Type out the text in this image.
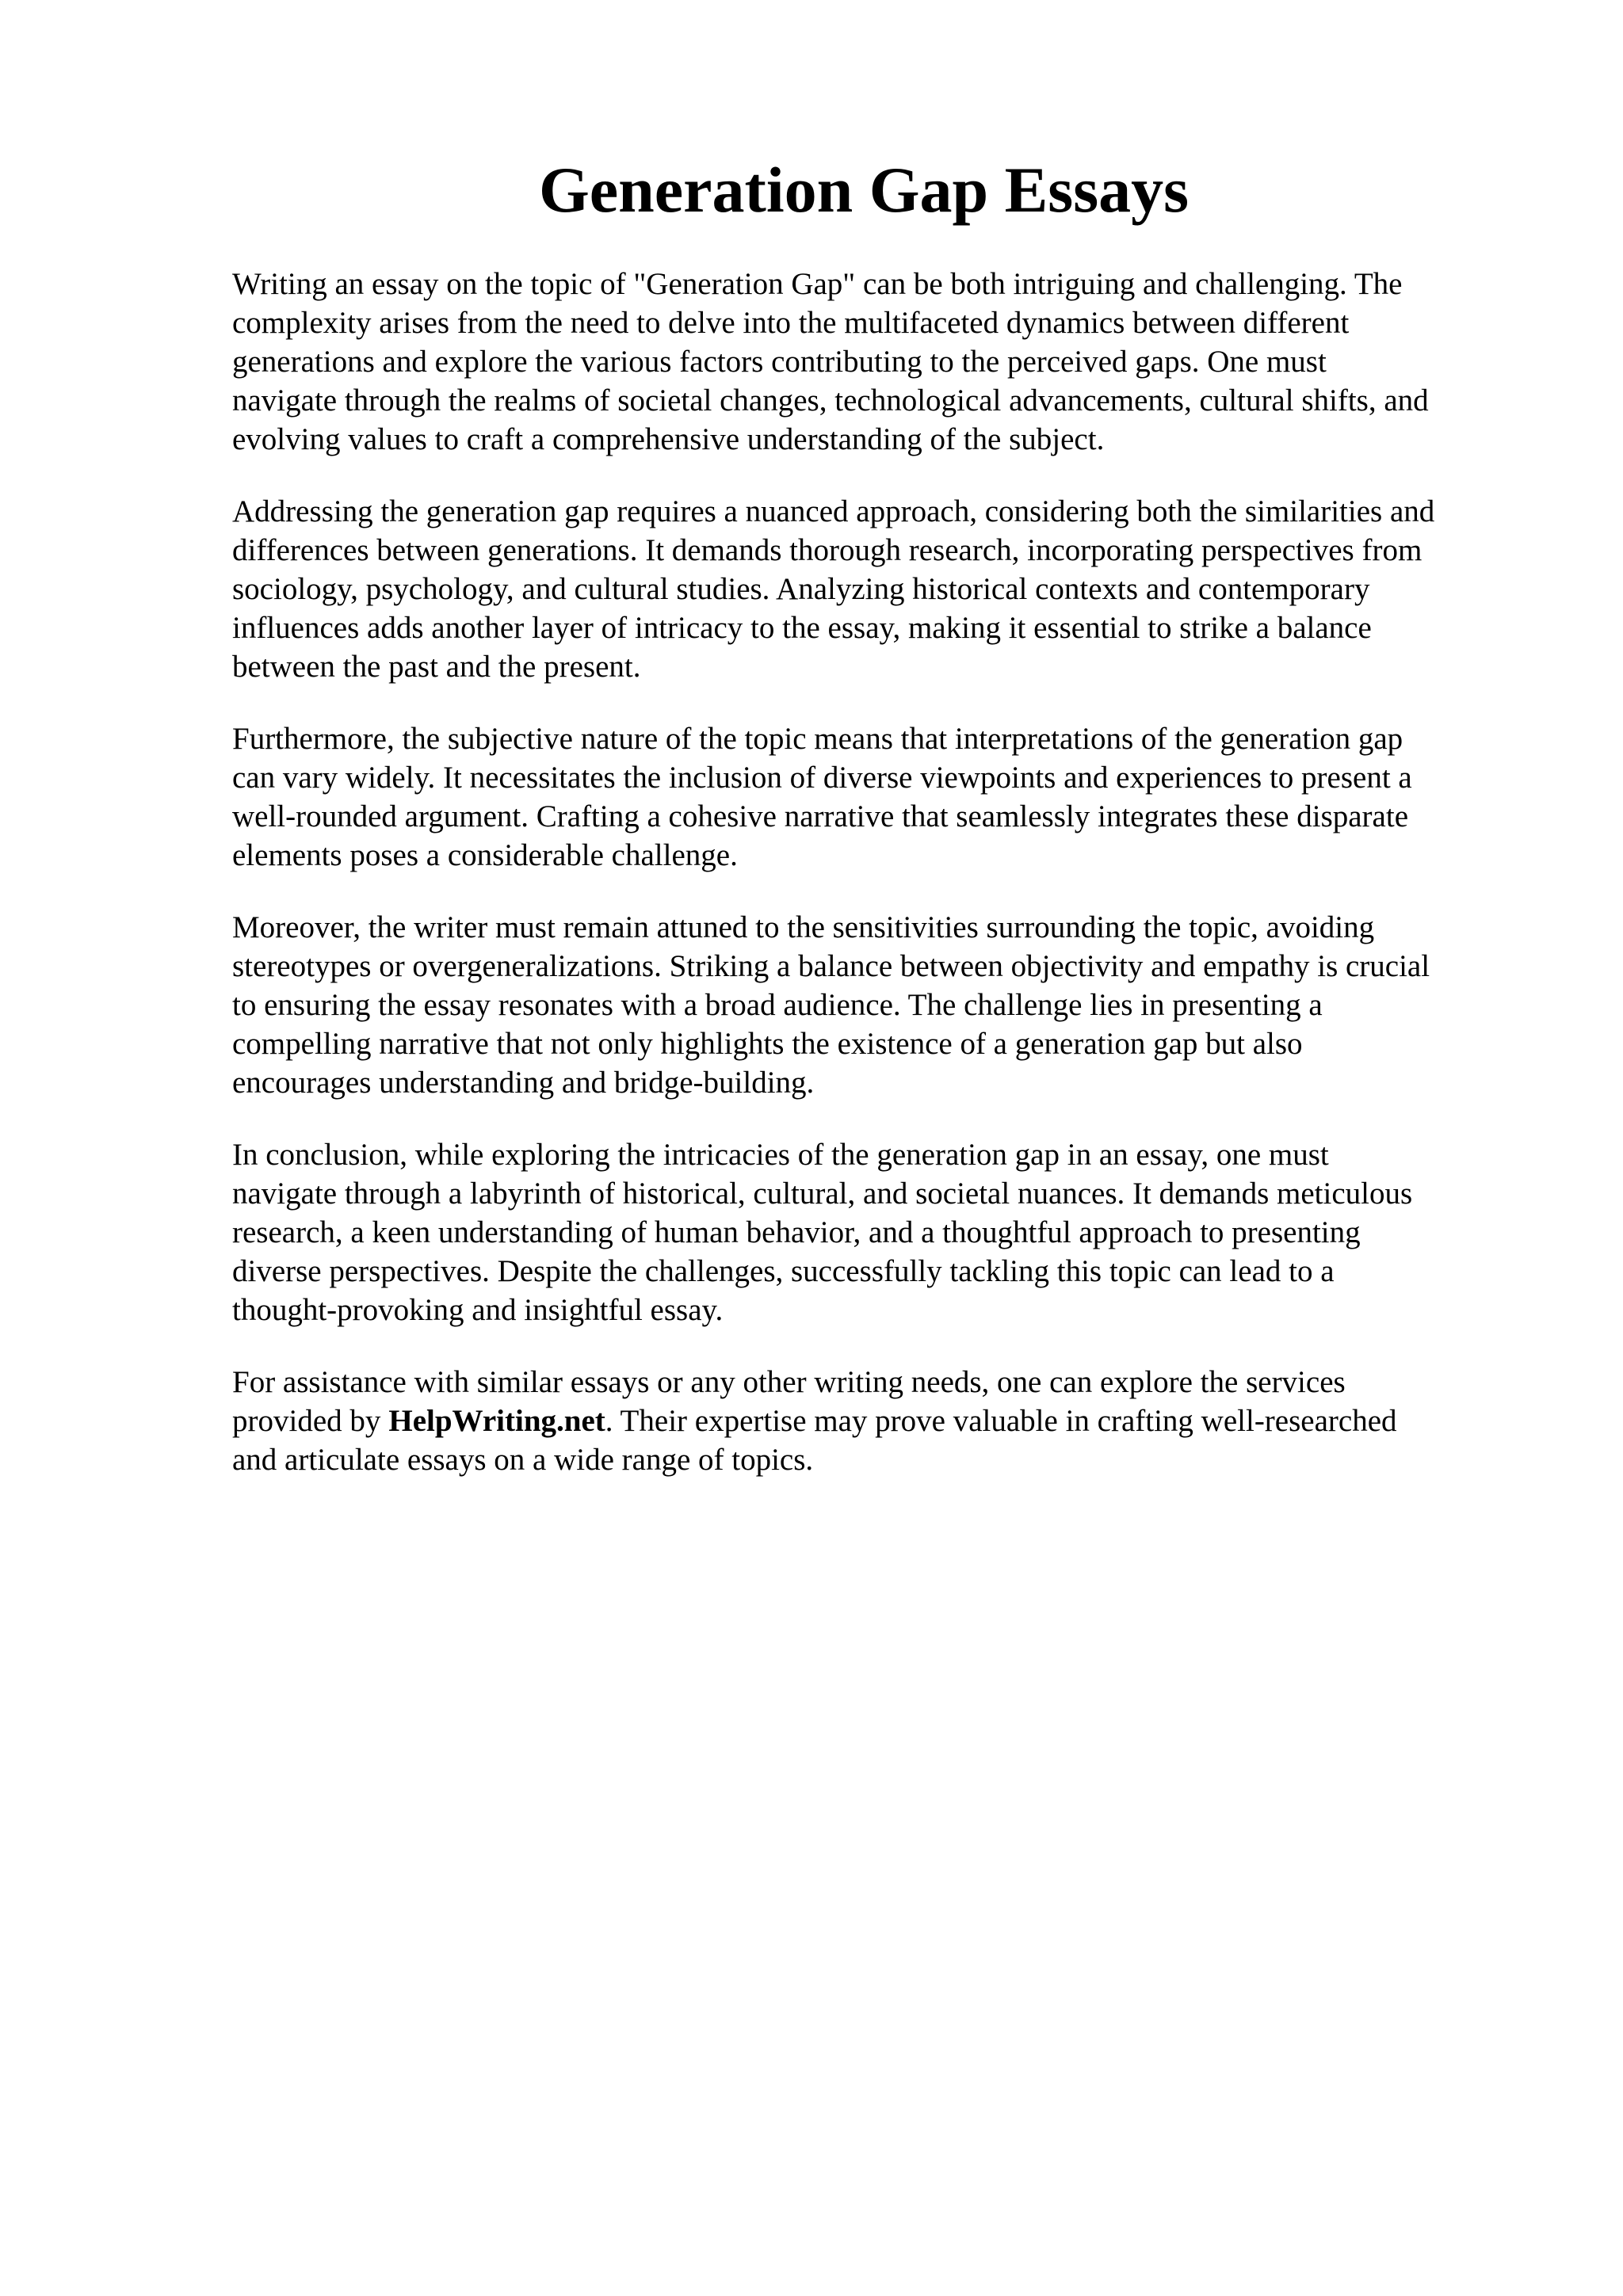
Generation Gap Essays

Writing an essay on the topic of "Generation Gap" can be both intriguing and challenging. The
complexity arises from the need to delve into the multifaceted dynamics between different
generations and explore the various factors contributing to the perceived gaps. One must
navigate through the realms of societal changes, technological advancements, cultural shifts, and
evolving values to craft a comprehensive understanding of the subject.

Addressing the generation gap requires a nuanced approach, considering both the similarities and
differences between generations. It demands thorough research, incorporating perspectives from
sociology, psychology, and cultural studies. Analyzing historical contexts and contemporary
influences adds another layer of intricacy to the essay, making it essential to strike a balance
between the past and the present.

Furthermore, the subjective nature of the topic means that interpretations of the generation gap
can vary widely. It necessitates the inclusion of diverse viewpoints and experiences to present a
well-rounded argument. Crafting a cohesive narrative that seamlessly integrates these disparate
elements poses a considerable challenge.

Moreover, the writer must remain attuned to the sensitivities surrounding the topic, avoiding
stereotypes or overgeneralizations. Striking a balance between objectivity and empathy is crucial
to ensuring the essay resonates with a broad audience. The challenge lies in presenting a
compelling narrative that not only highlights the existence of a generation gap but also
encourages understanding and bridge-building.

In conclusion, while exploring the intricacies of the generation gap in an essay, one must
navigate through a labyrinth of historical, cultural, and societal nuances. It demands meticulous
research, a keen understanding of human behavior, and a thoughtful approach to presenting
diverse perspectives. Despite the challenges, successfully tackling this topic can lead to a
thought-provoking and insightful essay.

For assistance with similar essays or any other writing needs, one can explore the services
provided by HelpWriting.net. Their expertise may prove valuable in crafting well-researched
and articulate essays on a wide range of topics.
